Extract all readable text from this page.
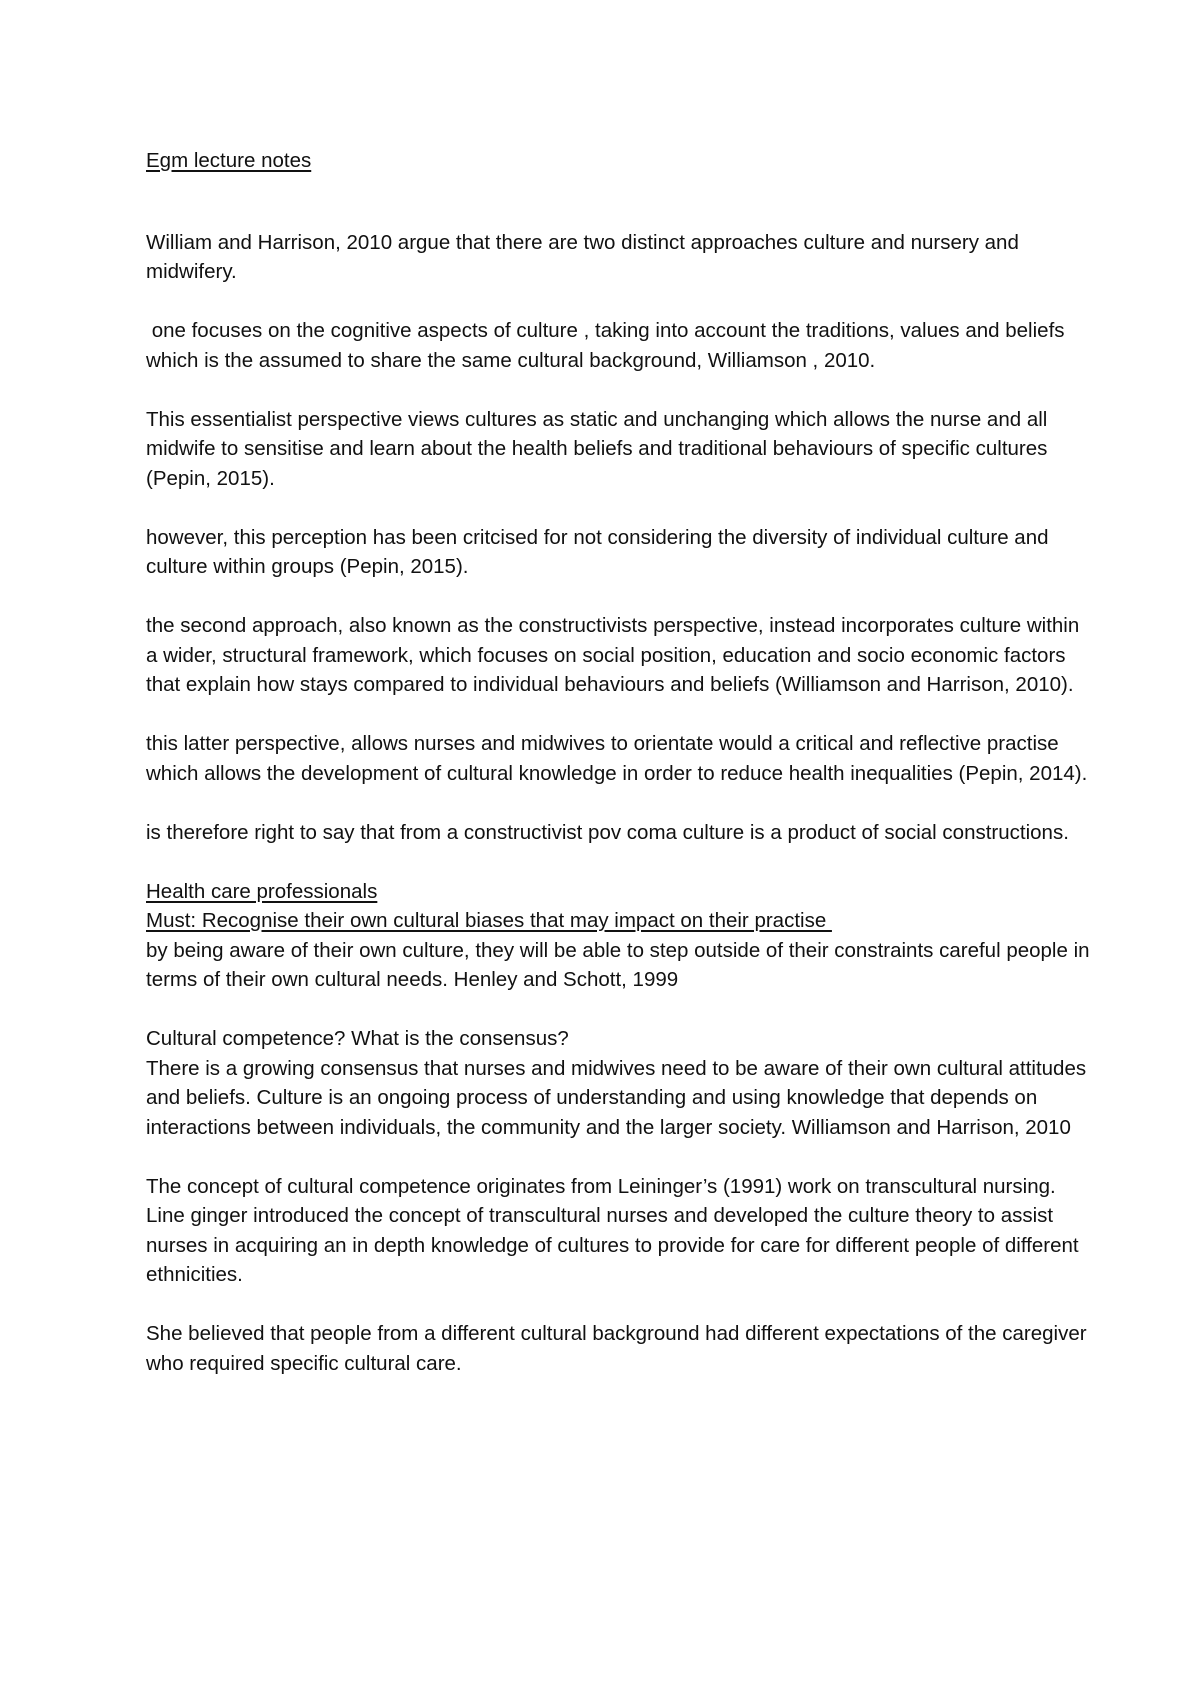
Egm lecture notes

William and Harrison, 2010 argue that there are two distinct approaches culture and nursery and midwifery.

one focuses on the cognitive aspects of culture , taking into account the traditions, values and beliefs which is the assumed to share the same cultural background, Williamson , 2010.

This essentialist perspective views cultures as static and unchanging which allows the nurse and all midwife to sensitise and learn about the health beliefs and traditional behaviours of specific cultures (Pepin, 2015).

however, this perception has been critcised for not considering the diversity of individual culture and culture within groups (Pepin, 2015).

the second approach, also known as the constructivists perspective, instead incorporates culture within a wider, structural framework, which focuses on social position, education and socio economic factors that explain how stays compared to individual behaviours and beliefs (Williamson and Harrison, 2010).

this latter perspective, allows nurses and midwives to orientate would a critical and reflective practise which allows the development of cultural knowledge in order to reduce health inequalities (Pepin, 2014).

is therefore right to say that from a constructivist pov coma culture is a product of social constructions.

Health care professionals
Must: Recognise their own cultural biases that may impact on their practise

by being aware of their own culture, they will be able to step outside of their constraints careful people in terms of their own cultural needs. Henley and Schott, 1999

Cultural competence? What is the consensus?

There is a growing consensus that nurses and midwives need to be aware of their own cultural attitudes and beliefs. Culture is an ongoing process of understanding and using knowledge that depends on interactions between individuals, the community and the larger society. Williamson and Harrison, 2010

The concept of cultural competence originates from Leininger’s (1991) work on transcultural nursing. Line ginger introduced the concept of transcultural nurses and developed the culture theory to assist nurses in acquiring an in depth knowledge of cultures to provide for care for different people of different ethnicities.

She believed that people from a different cultural background had different expectations of the caregiver who required specific cultural care.
